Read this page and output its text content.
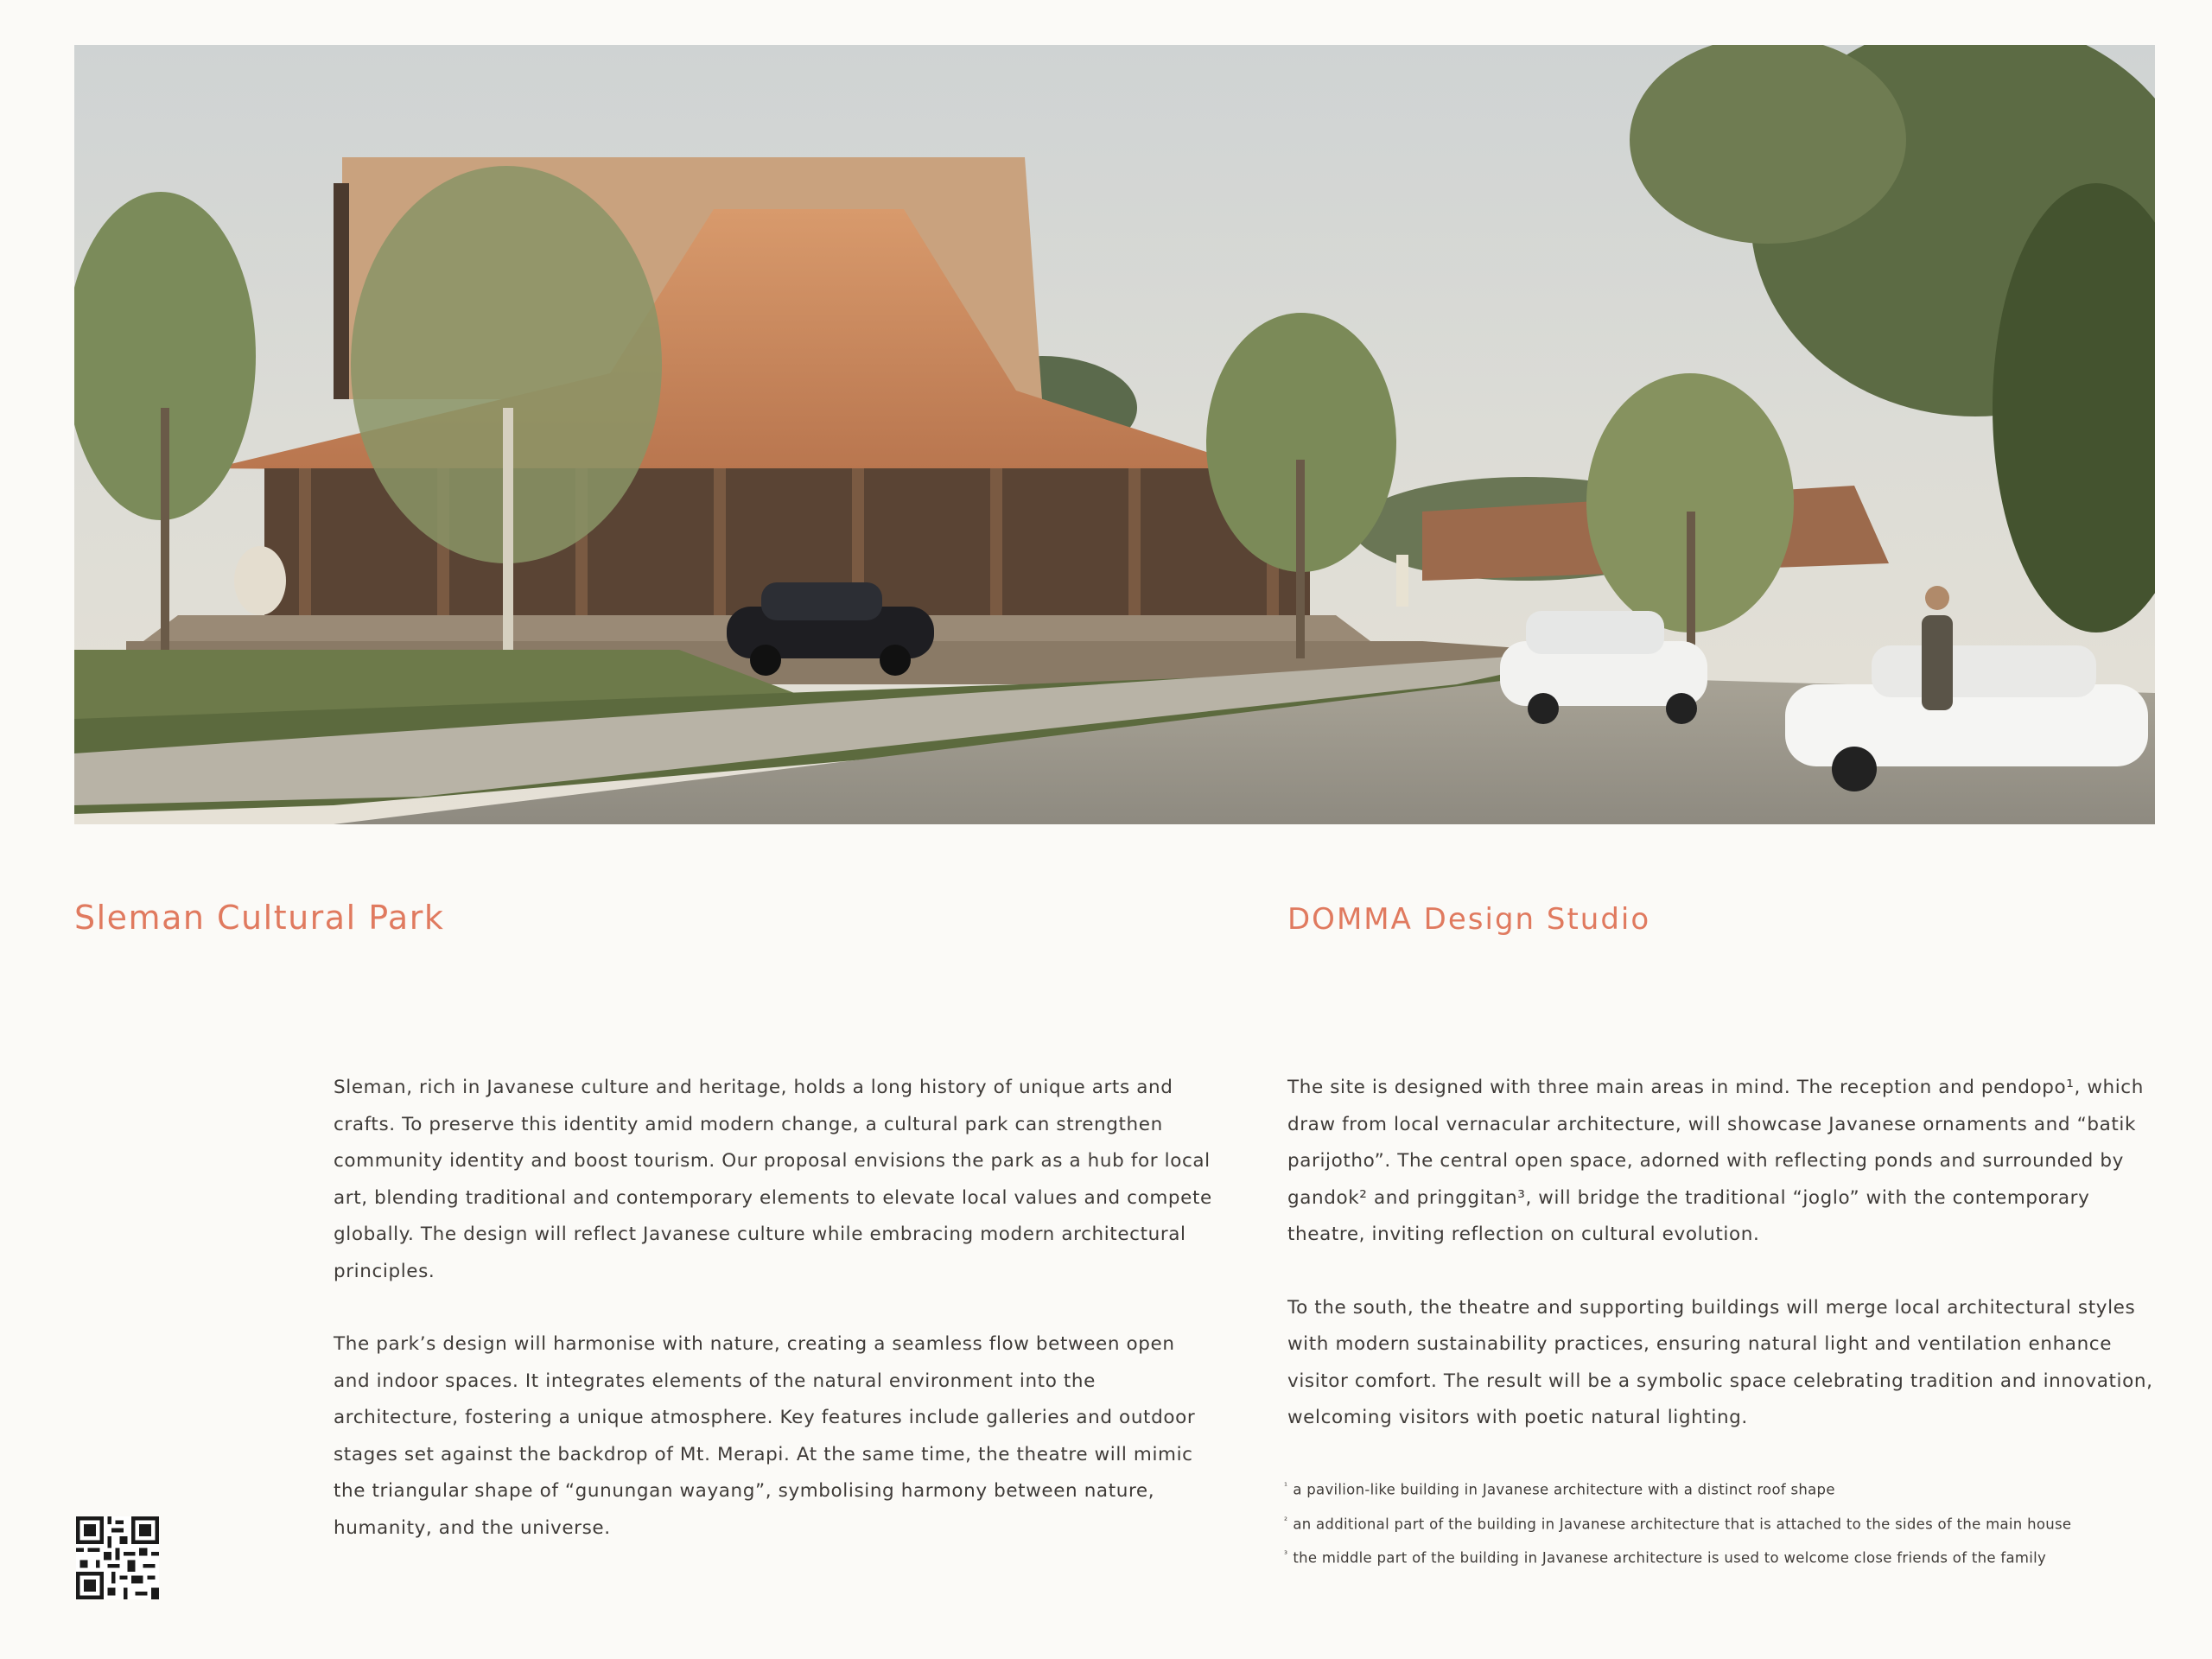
Sleman Cultural Park	DOMMA Design Studio

Sleman, rich in Javanese culture and heritage, holds a long history of unique arts and crafts. To preserve this identity amid modern change, a cultural park can strengthen community identity and boost tourism. Our proposal envisions the park as a hub for local art, blending traditional and contemporary elements to elevate local values and compete globally. The design will reflect Javanese culture while embracing modern architectural principles.

The park’s design will harmonise with nature, creating a seamless flow between open and indoor spaces. It integrates elements of the natural environment into the architecture, fostering a unique atmosphere. Key features include galleries and outdoor stages set against the backdrop of Mt. Merapi. At the same time, the theatre will mimic the triangular shape of “gunungan wayang”, symbolising harmony between nature, humanity, and the universe.

The site is designed with three main areas in mind. The reception and pendopo¹, which draw from local vernacular architecture, will showcase Javanese ornaments and “batik parijotho”. The central open space, adorned with reflecting ponds and surrounded by gandok² and pringgitan³, will bridge the traditional “joglo” with the contemporary theatre, inviting reflection on cultural evolution.

To the south, the theatre and supporting buildings will merge local architectural styles with modern sustainability practices, ensuring natural light and ventilation enhance visitor comfort. The result will be a symbolic space celebrating tradition and innovation, welcoming visitors with poetic natural lighting.

$^{^1}$ a pavilion-like building in Javanese architecture with a distinct roof shape
$^{^2}$ an additional part of the building in Javanese architecture that is attached to the sides of the main house
$^{^3}$ the middle part of the building in Javanese architecture is used to welcome close friends of the family
